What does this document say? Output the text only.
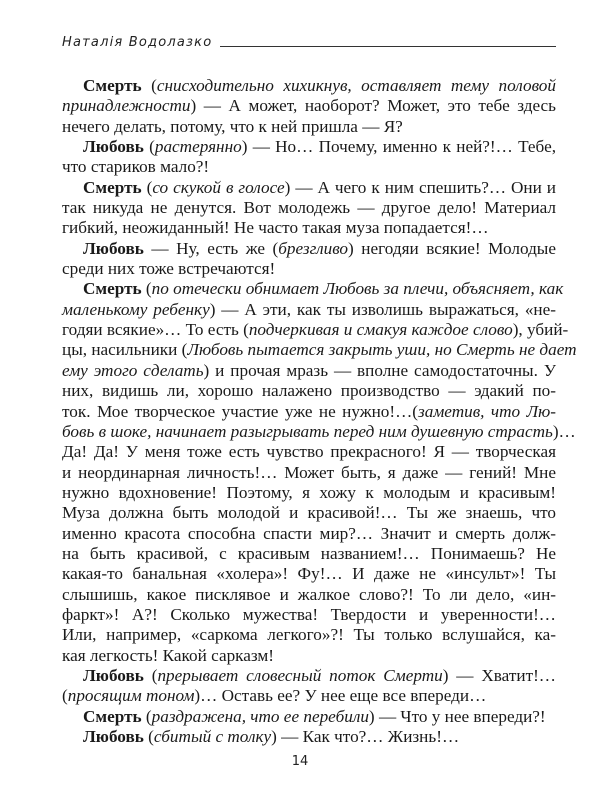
Наталія Водолазко
Смерть (снисходительно хихикнув, оставляет тему половой
принадлежности) — А может, наоборот? Может, это тебе здесь
нечего делать, потому, что к ней пришла — Я?
Любовь (растерянно) — Но… Почему, именно к ней?!… Тебе,
что стариков мало?!
Смерть (со скукой в голосе) — А чего к ним спешить?… Они и
так никуда не денутся. Вот молодежь — другое дело! Материал
гибкий, неожиданный! Не часто такая муза попадается!…
Любовь — Ну, есть же (брезгливо) негодяи всякие! Молодые
среди них тоже встречаются!
Смерть (по отечески обнимает Любовь за плечи, объясняет, как
маленькому ребенку) — А эти, как ты изволишь выражаться, «не-
годяи всякие»… То есть (подчеркивая и смакуя каждое слово), убий-
цы, насильники (Любовь пытается закрыть уши, но Смерть не дает
ему этого сделать) и прочая мразь — вполне самодостаточны. У
них, видишь ли, хорошо налажено производство — эдакий по-
ток. Мое творческое участие уже не нужно!…(заметив, что Лю-
бовь в шоке, начинает разыгрывать перед ним душевную страсть)…
Да! Да! У меня тоже есть чувство прекрасного! Я — творческая
и неординарная личность!… Может быть, я даже — гений! Мне
нужно вдохновение! Поэтому, я хожу к молодым и красивым!
Муза должна быть молодой и красивой!… Ты же знаешь, что
именно красота способна спасти мир?… Значит и смерть долж-
на быть красивой, с красивым названием!… Понимаешь? Не
какая-то банальная «холера»! Фу!… И даже не «инсульт»! Ты
слышишь, какое писклявое и жалкое слово?! То ли дело, «ин-
фаркт»! А?! Сколько мужества! Твердости и уверенности!…
Или, например, «саркома легкого»?! Ты только вслушайся, ка-
кая легкость! Какой сарказм!
Любовь (прерывает словесный поток Смерти) — Хватит!…
(просящим тоном)… Оставь ее? У нее еще все впереди…
Смерть (раздражена, что ее перебили) — Что у нее впереди?!
Любовь (сбитый с толку) — Как что?… Жизнь!…
14
